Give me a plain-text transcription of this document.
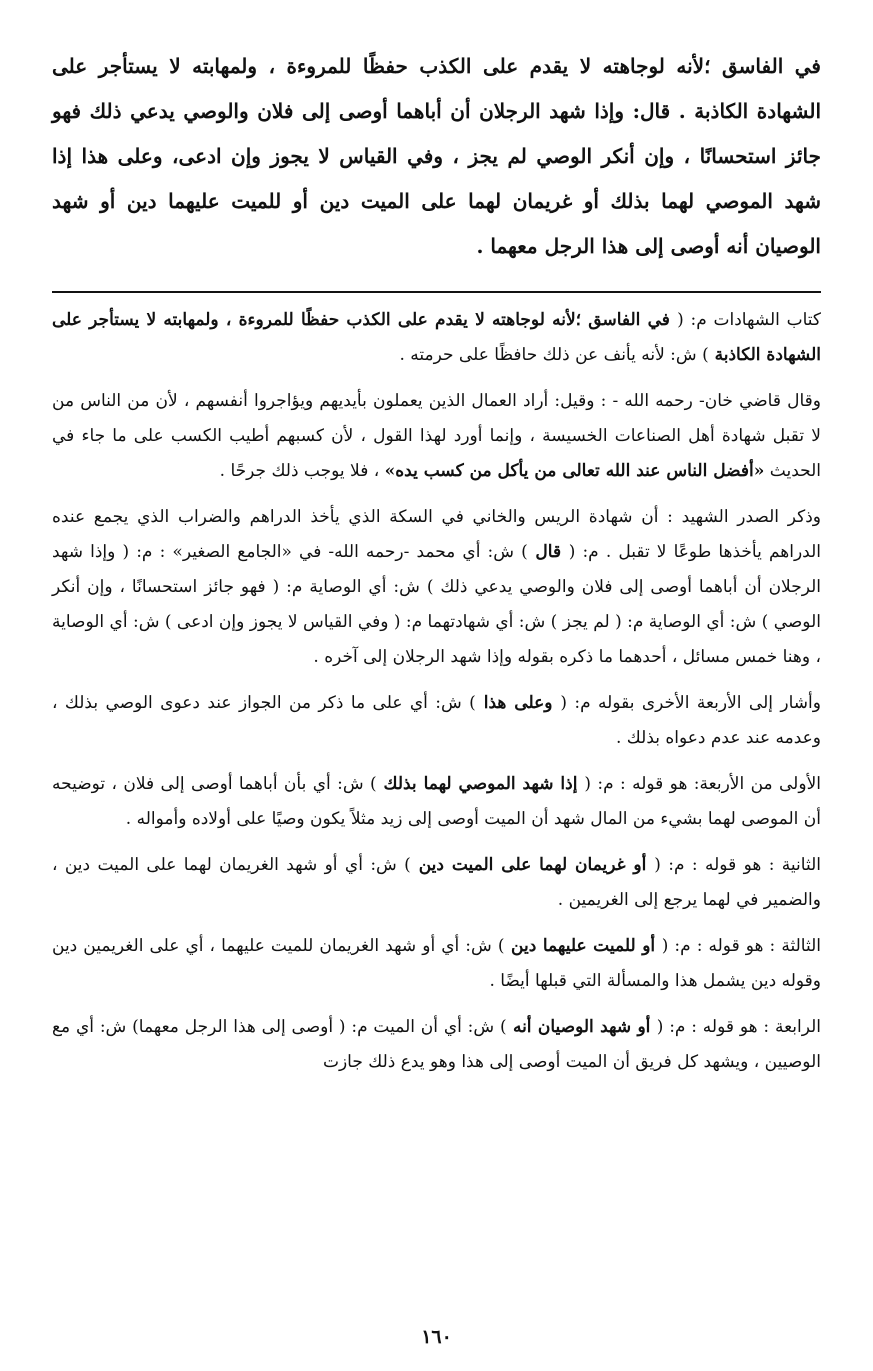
في الفاسق ؛لأنه لوجاهته لا يقدم على الكذب حفظًا للمروءة ، ولمهابته لا يستأجر على الشهادة الكاذبة . قال: وإذا شهد الرجلان أن أباهما أوصى إلى فلان والوصي يدعي ذلك فهو جائز استحسانًا ، وإن أنكر الوصي لم يجز ، وفي القياس لا يجوز وإن ادعى، وعلى هذا إذا شهد الموصي لهما بذلك أو غريمان لهما على الميت دين أو للميت عليهما دين أو شهد الوصيان أنه أوصى إلى هذا الرجل معهما .

كتاب الشهادات م: ( في الفاسق ؛لأنه لوجاهته لا يقدم على الكذب حفظًا للمروءة ، ولمهابته لا يستأجر على الشهادة الكاذبة ) ش: لأنه يأنف عن ذلك حافظًا على حرمته .

وقال قاضي خان- رحمه الله - : وقيل: أراد العمال الذين يعملون بأيديهم ويؤاجروا أنفسهم ، لأن من الناس من لا تقبل شهادة أهل الصناعات الخسيسة ، وإنما أورد لهذا القول ، لأن كسبهم أطيب الكسب على ما جاء في الحديث «أفضل الناس عند الله تعالى من يأكل من كسب يده» ، فلا يوجب ذلك جرحًا .

وذكر الصدر الشهيد : أن شهادة الريس والخاني في السكة الذي يأخذ الدراهم والضراب الذي يجمع عنده الدراهم يأخذها طوعًا لا تقبل . م: ( قال ) ش: أي محمد -رحمه الله- في «الجامع الصغير» : م: ( وإذا شهد الرجلان أن أباهما أوصى إلى فلان والوصي يدعي ذلك ) ش: أي الوصاية م: ( فهو جائز استحسانًا ، وإن أنكر الوصي ) ش: أي الوصاية م: ( لم يجز ) ش: أي شهادتهما م: ( وفي القياس لا يجوز وإن ادعى ) ش: أي الوصاية ، وهنا خمس مسائل ، أحدهما ما ذكره بقوله وإذا شهد الرجلان إلى آخره .

وأشار إلى الأربعة الأخرى بقوله م: ( وعلى هذا ) ش: أي على ما ذكر من الجواز عند دعوى الوصي بذلك ، وعدمه عند عدم دعواه بذلك .

الأولى من الأربعة: هو قوله : م: ( إذا شهد الموصي لهما بذلك ) ش: أي بأن أباهما أوصى إلى فلان ، توضيحه أن الموصى لهما بشيء من المال شهد أن الميت أوصى إلى زيد مثلاً يكون وصيًا على أولاده وأمواله .

الثانية : هو قوله : م: ( أو غريمان لهما على الميت دين ) ش: أي أو شهد الغريمان لهما على الميت دين ، والضمير في لهما يرجع إلى الغريمين .

الثالثة : هو قوله : م: ( أو للميت عليهما دين ) ش: أي أو شهد الغريمان للميت عليهما ، أي على الغريمين دين وقوله دين يشمل هذا والمسألة التي قبلها أيضًا .

الرابعة : هو قوله : م: ( أو شهد الوصيان أنه ) ش: أي أن الميت م: ( أوصى إلى هذا الرجل معهما) ش: أي مع الوصيين ، ويشهد كل فريق أن الميت أوصى إلى هذا وهو يدع ذلك جازت

١٦٠
